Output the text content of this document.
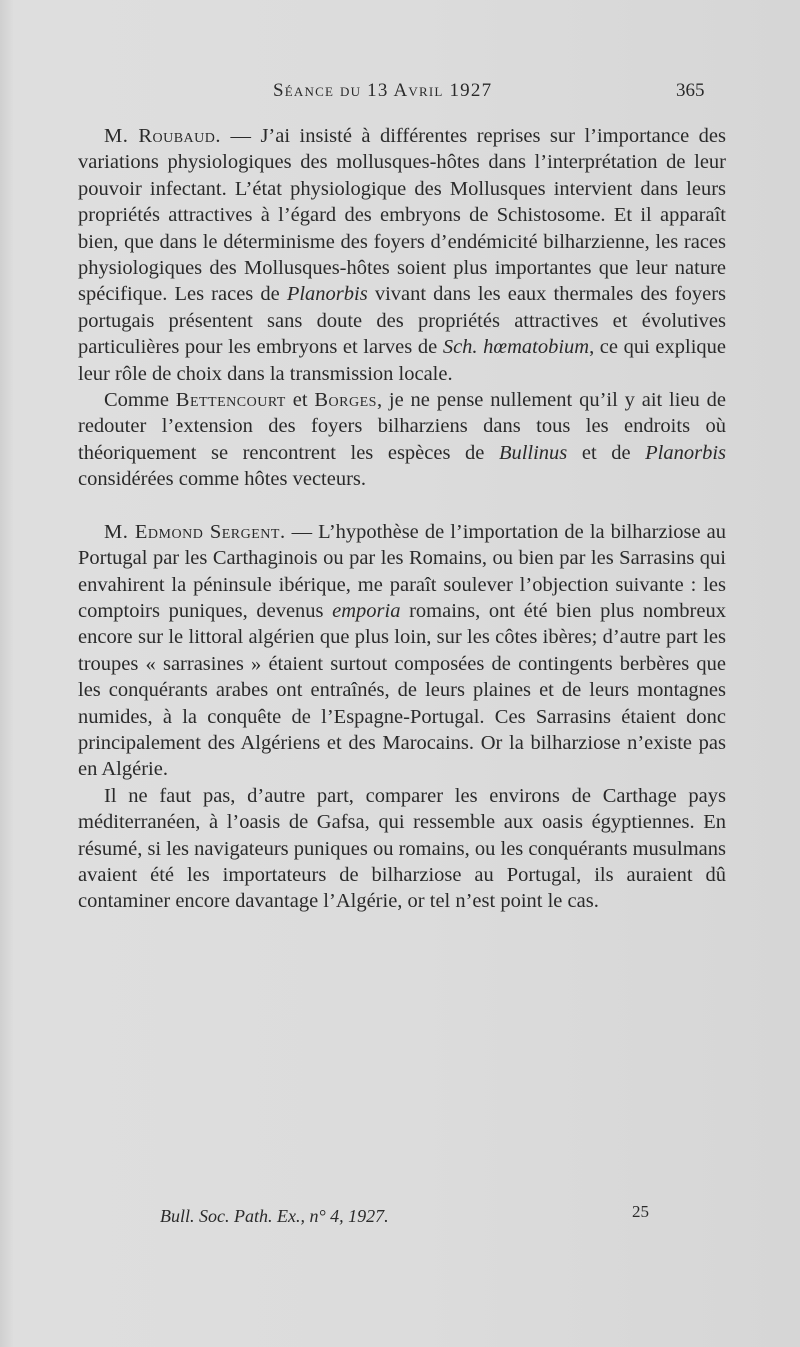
Séance du 13 Avril 1927	365

M. Roubaud. — J’ai insisté à différentes reprises sur l’importance des variations physiologiques des mollusques-hôtes dans l’interprétation de leur pouvoir infectant. L’état physiologique des Mollusques intervient dans leurs propriétés attractives à l’égard des embryons de Schistosome. Et il apparaît bien, que dans le déterminisme des foyers d’endémicité bilharzienne, les races physiologiques des Mollusques-hôtes soient plus importantes que leur nature spécifique. Les races de Planorbis vivant dans les eaux thermales des foyers portugais présentent sans doute des propriétés attractives et évolutives particulières pour les embryons et larves de Sch. hœmatobium, ce qui explique leur rôle de choix dans la transmission locale.

Comme Bettencourt et Borges, je ne pense nullement qu’il y ait lieu de redouter l’extension des foyers bilharziens dans tous les endroits où théoriquement se rencontrent les espèces de Bullinus et de Planorbis considérées comme hôtes vecteurs.

M. Edmond Sergent. — L’hypothèse de l’importation de la bilharziose au Portugal par les Carthaginois ou par les Romains, ou bien par les Sarrasins qui envahirent la péninsule ibérique, me paraît soulever l’objection suivante : les comptoirs puniques, devenus emporia romains, ont été bien plus nombreux encore sur le littoral algérien que plus loin, sur les côtes ibères; d’autre part les troupes « sarrasines » étaient surtout composées de contingents berbères que les conquérants arabes ont entraînés, de leurs plaines et de leurs montagnes numides, à la conquête de l’Espagne-Portugal. Ces Sarrasins étaient donc principalement des Algériens et des Marocains. Or la bilharziose n’existe pas en Algérie.

Il ne faut pas, d’autre part, comparer les environs de Carthage pays méditerranéen, à l’oasis de Gafsa, qui ressemble aux oasis égyptiennes. En résumé, si les navigateurs puniques ou romains, ou les conquérants musulmans avaient été les importateurs de bilharziose au Portugal, ils auraient dû contaminer encore davantage l’Algérie, or tel n’est point le cas.

Bull. Soc. Path. Ex., n° 4, 1927.	25
